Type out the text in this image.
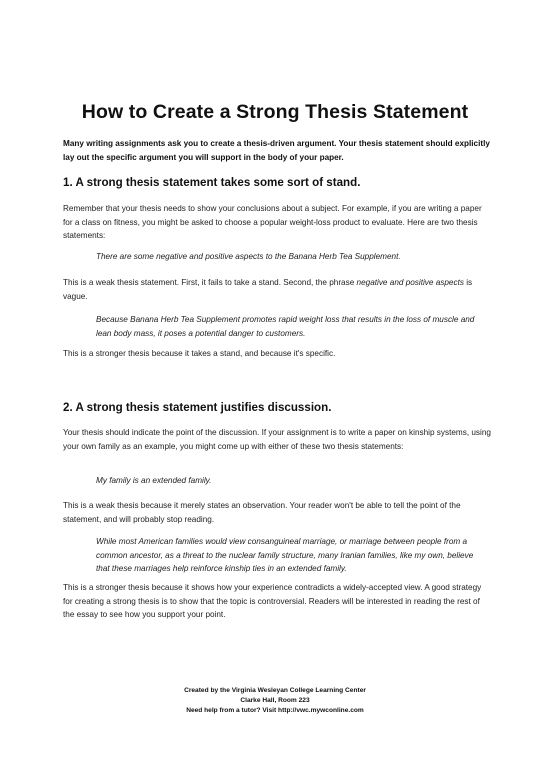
How to Create a Strong Thesis Statement
Many writing assignments ask you to create a thesis-driven argument. Your thesis statement should explicitly lay out the specific argument you will support in the body of your paper.
1. A strong thesis statement takes some sort of stand.
Remember that your thesis needs to show your conclusions about a subject. For example, if you are writing a paper for a class on fitness, you might be asked to choose a popular weight-loss product to evaluate. Here are two thesis statements:
There are some negative and positive aspects to the Banana Herb Tea Supplement.
This is a weak thesis statement. First, it fails to take a stand. Second, the phrase negative and positive aspects is vague.
Because Banana Herb Tea Supplement promotes rapid weight loss that results in the loss of muscle and lean body mass, it poses a potential danger to customers.
This is a stronger thesis because it takes a stand, and because it's specific.
2. A strong thesis statement justifies discussion.
Your thesis should indicate the point of the discussion. If your assignment is to write a paper on kinship systems, using your own family as an example, you might come up with either of these two thesis statements:
My family is an extended family.
This is a weak thesis because it merely states an observation. Your reader won't be able to tell the point of the statement, and will probably stop reading.
While most American families would view consanguineal marriage, or marriage between people from a common ancestor, as a threat to the nuclear family structure, many Iranian families, like my own, believe that these marriages help reinforce kinship ties in an extended family.
This is a stronger thesis because it shows how your experience contradicts a widely-accepted view. A good strategy for creating a strong thesis is to show that the topic is controversial. Readers will be interested in reading the rest of the essay to see how you support your point.
Created by the Virginia Wesleyan College Learning Center
Clarke Hall, Room 223
Need help from a tutor? Visit http://vwc.mywconline.com
